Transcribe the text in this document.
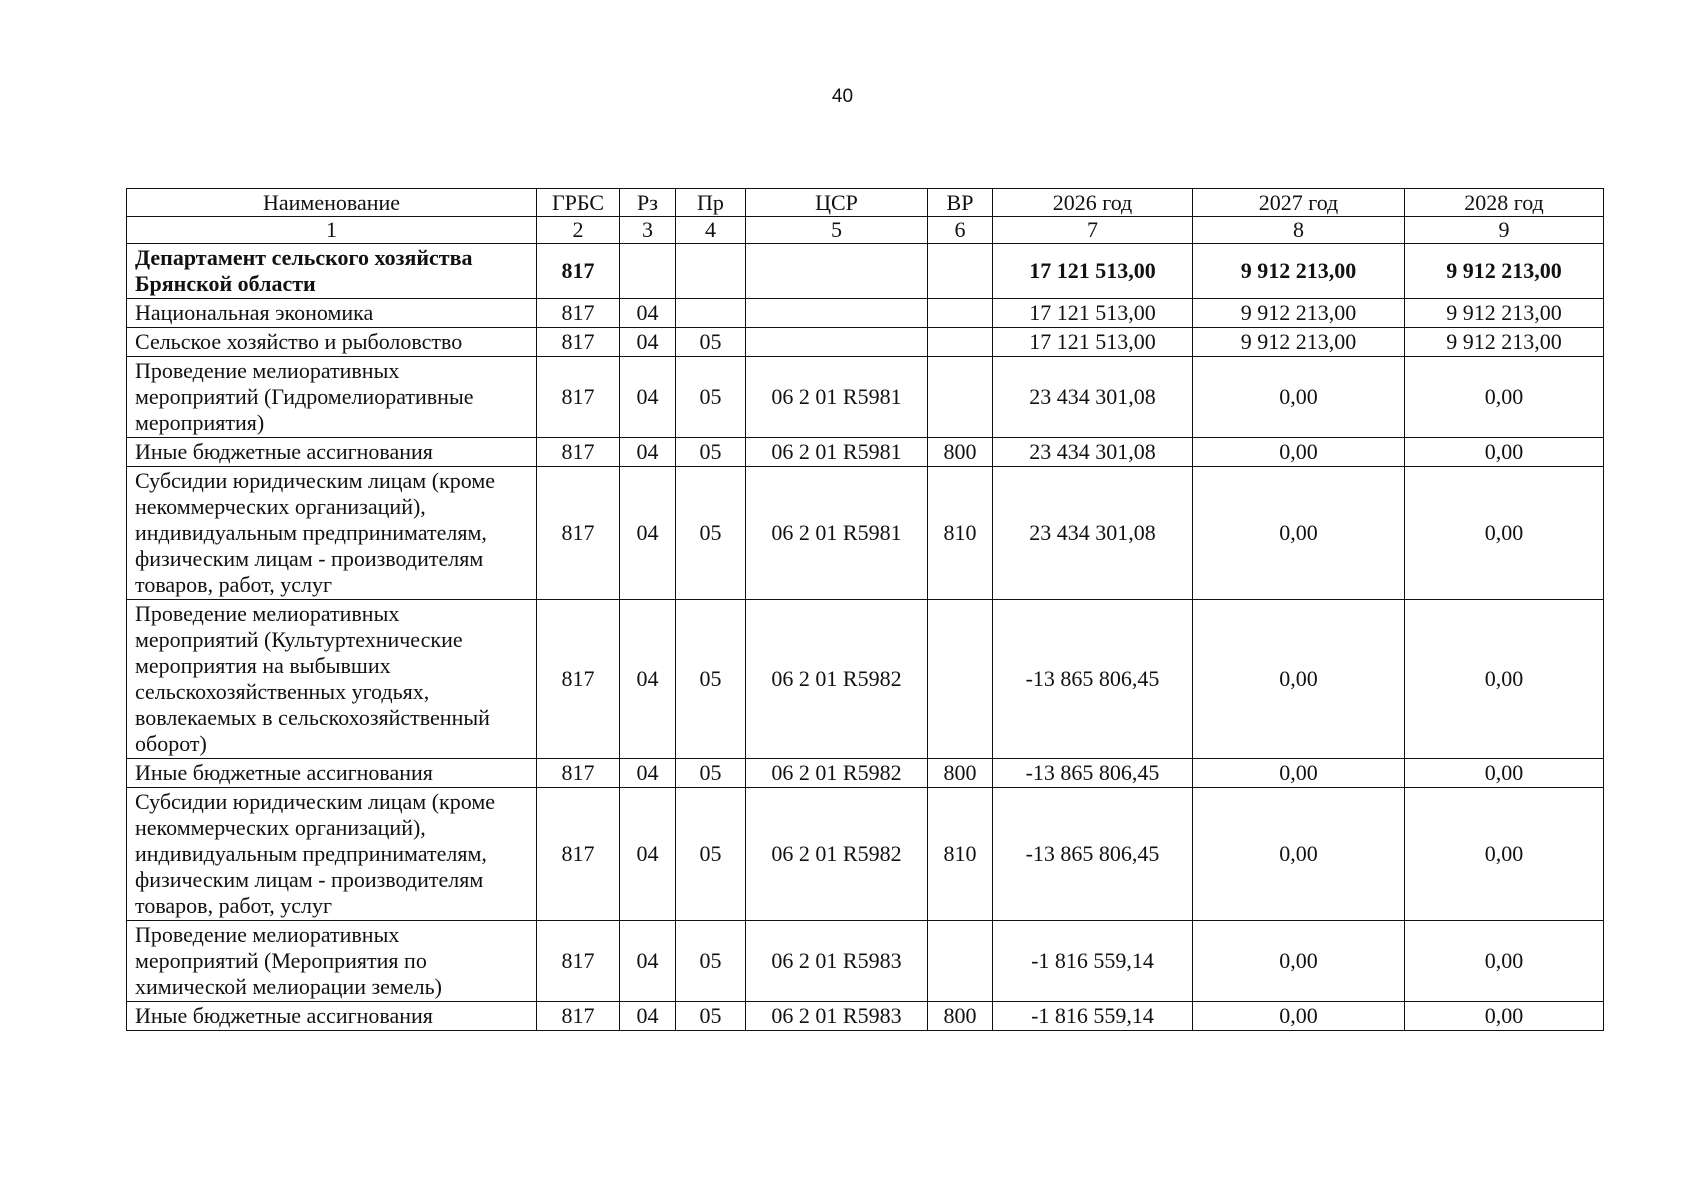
40
Наименование	ГРБС	Рз	Пр	ЦСР	ВР	2026 год	2027 год	2028 год
1	2	3	4	5	6	7	8	9
Департамент сельского хозяйства Брянской области	817					17 121 513,00	9 912 213,00	9 912 213,00
Национальная экономика	817	04				17 121 513,00	9 912 213,00	9 912 213,00
Сельское хозяйство и рыболовство	817	04	05			17 121 513,00	9 912 213,00	9 912 213,00
Проведение мелиоративных мероприятий (Гидромелиоративные мероприятия)	817	04	05	06 2 01 R5981		23 434 301,08	0,00	0,00
Иные бюджетные ассигнования	817	04	05	06 2 01 R5981	800	23 434 301,08	0,00	0,00
Субсидии юридическим лицам (кроме некоммерческих организаций), индивидуальным предпринимателям, физическим лицам - производителям товаров, работ, услуг	817	04	05	06 2 01 R5981	810	23 434 301,08	0,00	0,00
Проведение мелиоративных мероприятий (Культуртехнические мероприятия на выбывших сельскохозяйственных угодьях, вовлекаемых в сельскохозяйственный оборот)	817	04	05	06 2 01 R5982		-13 865 806,45	0,00	0,00
Иные бюджетные ассигнования	817	04	05	06 2 01 R5982	800	-13 865 806,45	0,00	0,00
Субсидии юридическим лицам (кроме некоммерческих организаций), индивидуальным предпринимателям, физическим лицам - производителям товаров, работ, услуг	817	04	05	06 2 01 R5982	810	-13 865 806,45	0,00	0,00
Проведение мелиоративных мероприятий (Мероприятия по химической мелиорации земель)	817	04	05	06 2 01 R5983		-1 816 559,14	0,00	0,00
Иные бюджетные ассигнования	817	04	05	06 2 01 R5983	800	-1 816 559,14	0,00	0,00
